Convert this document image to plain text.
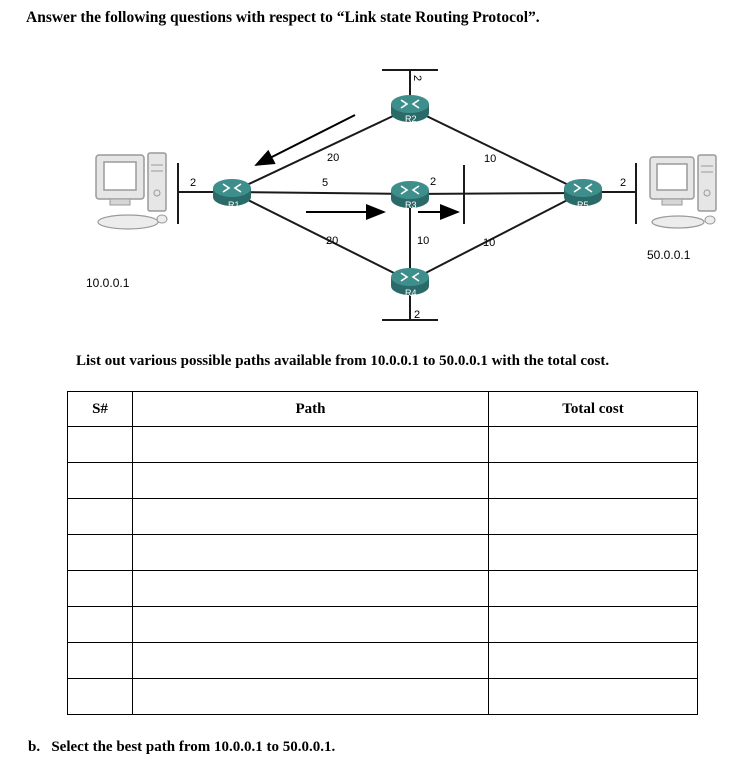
Answer the following questions with respect to “Link state Routing Protocol”.
R1
R2
R3
R4
R5
2
2
2
2
2
20
5
20
10
10	10
10.0.0.1
50.0.0.1
List out various possible paths available from 10.0.0.1 to 50.0.0.1 with the total cost.
S#	Path	Total cost

b.   Select the best path from 10.0.0.1 to 50.0.0.1.
